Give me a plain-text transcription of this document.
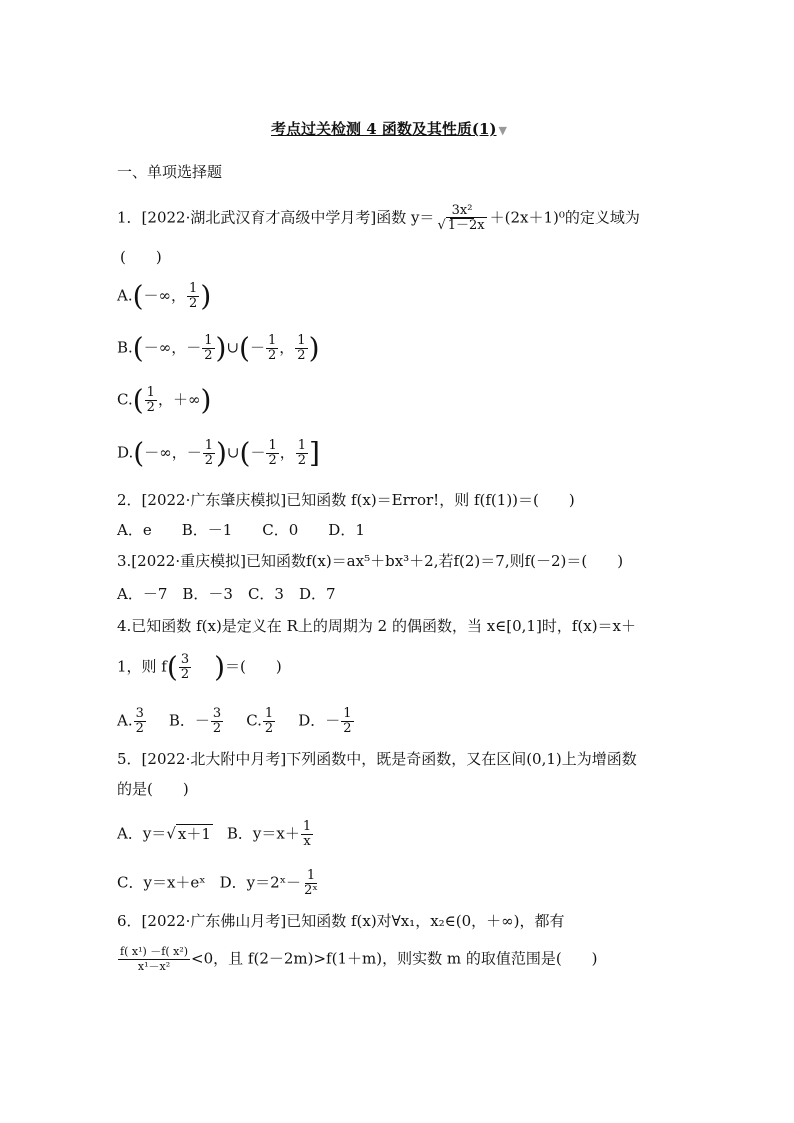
考点过关检测 4 函数及其性质(1) ▼
一、单项选择题
1．[2022·湖北武汉育才高级中学月考]函数 $y= \frac{\text{3x²}}{√ 1-2x} +(2x+1)^0$的定义域为
(　　)
A.(－∞， $\frac{1}{2}$ )
B.(－∞，－ $\frac{1}{2}$ )∪(－ $\frac{1}{2}$ ， $\frac{1}{2}$ )
$C.( \frac{1}{2}$ ，＋∞)
D.(－∞，－ $\frac{1}{2}$ )∪(－ $\frac{1}{2}$ ， $\frac{1}{2}$ ]
2．[2022·广东肇庆模拟]已知函数 f(x)＝Error!，则 f(f(1))＝(　　)
A．e　　B．－1　　C．0　　D．1
3.[2022·重庆模拟]已知函数f(x)＝ax⁵＋bx³＋2,若f(2)＝7,则f(－2)＝(　　)
A．－7　B．－3　C．3　D．7
4.已知函数 f(x)是定义在 R上的周期为 2 的偶函数，当 x∈[0,1]时，f(x)＝x＋
1，则 $f( \frac{3}{2}$ )＝(　　)
A. $\frac{3}{2}$ B．－ $\frac{3}{2} C$. $\frac{1}{2}$ D．－ $\frac{1}{2}$
5．[2022·北大附中月考]下列函数中，既是奇函数，又在区间(0,1)上为增函数
的是(　　)
A．y＝√ x＋1 B．$y=x+ \frac{1}{x}$
C．y＝x＋eˣ D．y＝2ˣ－ $\frac{1}{\text{2ˣ}}$
6．[2022·广东佛山月考]已知函数 f(x)对∀x₁，x₂∈(0，＋∞)，都有
$\frac{\text{f( x¹) －f( x²)}}{\text{x¹－x²}} <0$，且 f(2－2m)>f(1＋m)，则实数 m 的取值范围是(　　)
